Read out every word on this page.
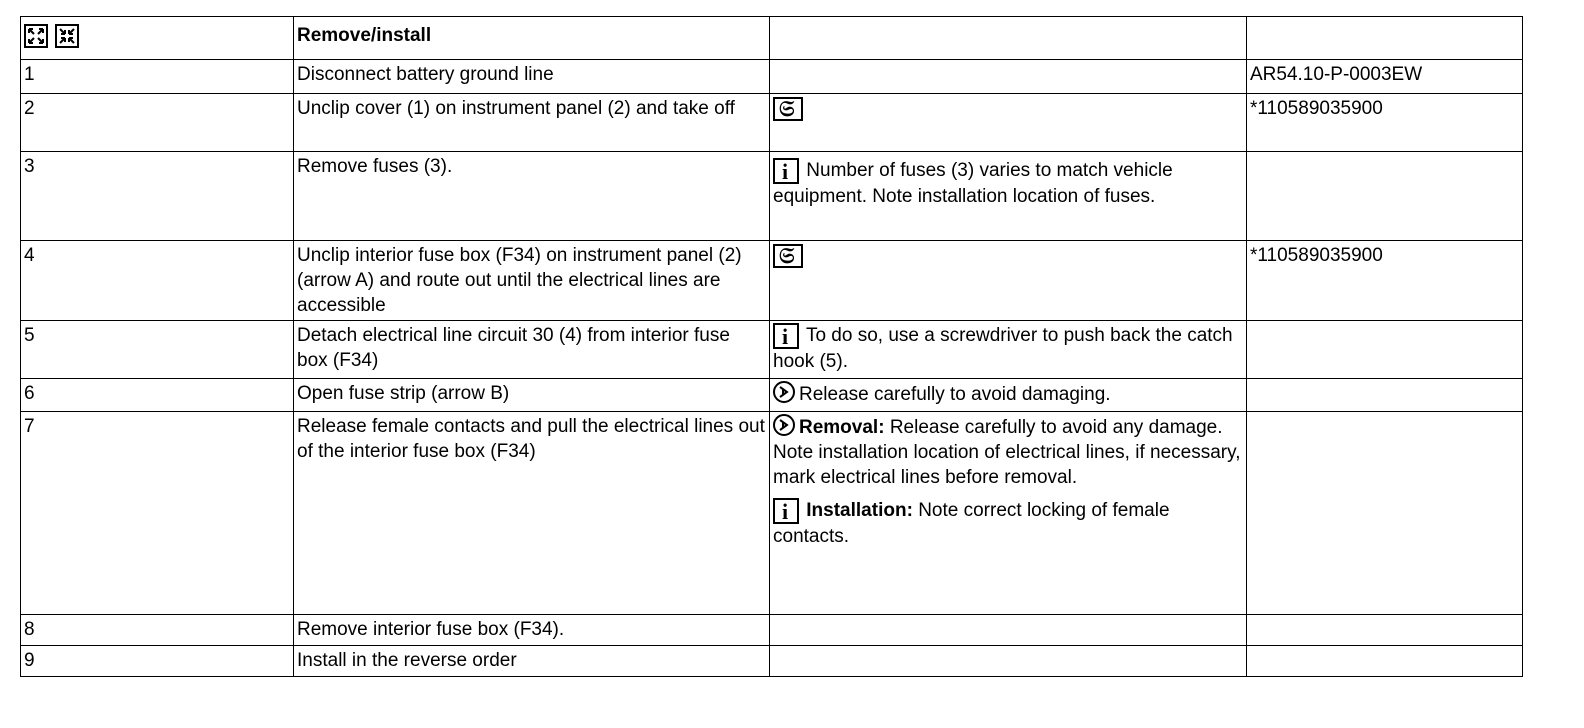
	Remove/install		
1	Disconnect battery ground line		AR54.10-P-0003EW
2	Unclip cover (1) on instrument panel (2) and take off	𝔖	*110589035900
3	Remove fuses (3).	i Number of fuses (3) varies to match vehicle equipment. Note installation location of fuses.	
4	Unclip interior fuse box (F34) on instrument panel (2) (arrow A) and route out until the electrical lines are accessible	𝔖	*110589035900
5	Detach electrical line circuit 30 (4) from interior fuse box (F34)	i To do so, use a screwdriver to push back the catch hook (5).	
6	Open fuse strip (arrow B)	Release carefully to avoid damaging.	
7	Release female contacts and pull the electrical lines out of the interior fuse box (F34)	Removal: Release carefully to avoid any damage.
Note installation location of electrical lines, if necessary, mark electrical lines before removal.
i Installation: Note correct locking of female contacts.	

8	Remove interior fuse box (F34).		
9	Install in the reverse order		
